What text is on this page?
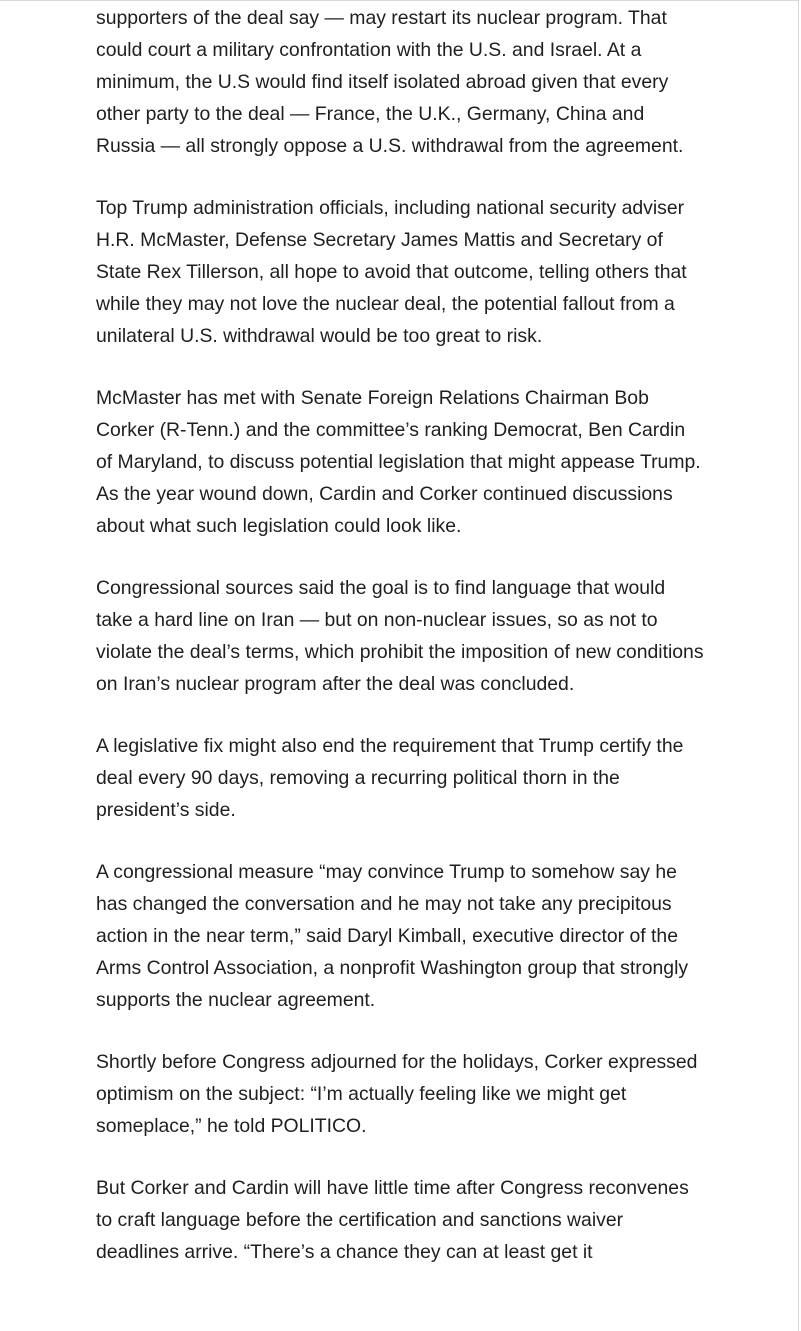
supporters of the deal say — may restart its nuclear program. That could court a military confrontation with the U.S. and Israel. At a minimum, the U.S would find itself isolated abroad given that every other party to the deal — France, the U.K., Germany, China and Russia — all strongly oppose a U.S. withdrawal from the agreement.

Top Trump administration officials, including national security adviser H.R. McMaster, Defense Secretary James Mattis and Secretary of State Rex Tillerson, all hope to avoid that outcome, telling others that while they may not love the nuclear deal, the potential fallout from a unilateral U.S. withdrawal would be too great to risk.

McMaster has met with Senate Foreign Relations Chairman Bob Corker (R-Tenn.) and the committee’s ranking Democrat, Ben Cardin of Maryland, to discuss potential legislation that might appease Trump. As the year wound down, Cardin and Corker continued discussions about what such legislation could look like.

Congressional sources said the goal is to find language that would take a hard line on Iran — but on non-nuclear issues, so as not to violate the deal’s terms, which prohibit the imposition of new conditions on Iran’s nuclear program after the deal was concluded.

A legislative fix might also end the requirement that Trump certify the deal every 90 days, removing a recurring political thorn in the president’s side.

A congressional measure “may convince Trump to somehow say he has changed the conversation and he may not take any precipitous action in the near term,” said Daryl Kimball, executive director of the Arms Control Association, a nonprofit Washington group that strongly supports the nuclear agreement.

Shortly before Congress adjourned for the holidays, Corker expressed optimism on the subject: “I’m actually feeling like we might get someplace,” he told POLITICO.

But Corker and Cardin will have little time after Congress reconvenes to craft language before the certification and sanctions waiver deadlines arrive. “There’s a chance they can at least get it
